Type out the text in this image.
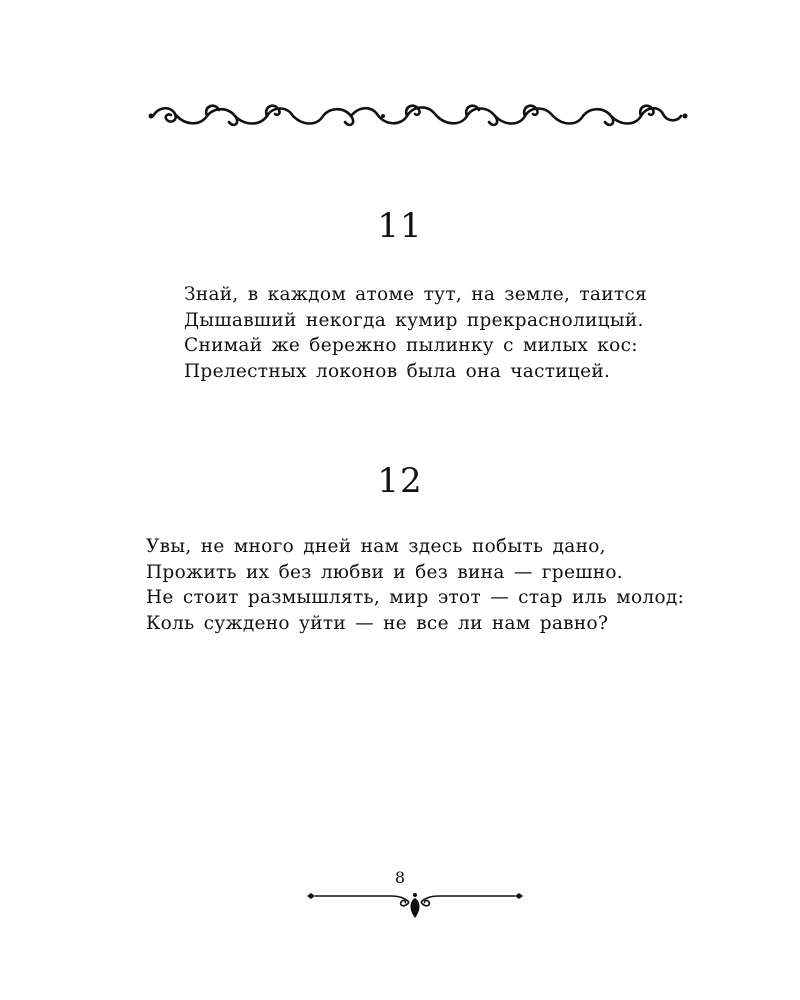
11

Знай, в каждом атоме тут, на земле, таится
Дышавший некогда кумир прекраснолицый.
Снимай же бережно пылинку с милых кос:
Прелестных локонов была она частицей.

12

Увы, не много дней нам здесь побыть дано,
Прожить их без любви и без вина — грешно.
Не стоит размышлять, мир этот — стар иль молод:
Коль суждено уйти — не все ли нам равно?

8
